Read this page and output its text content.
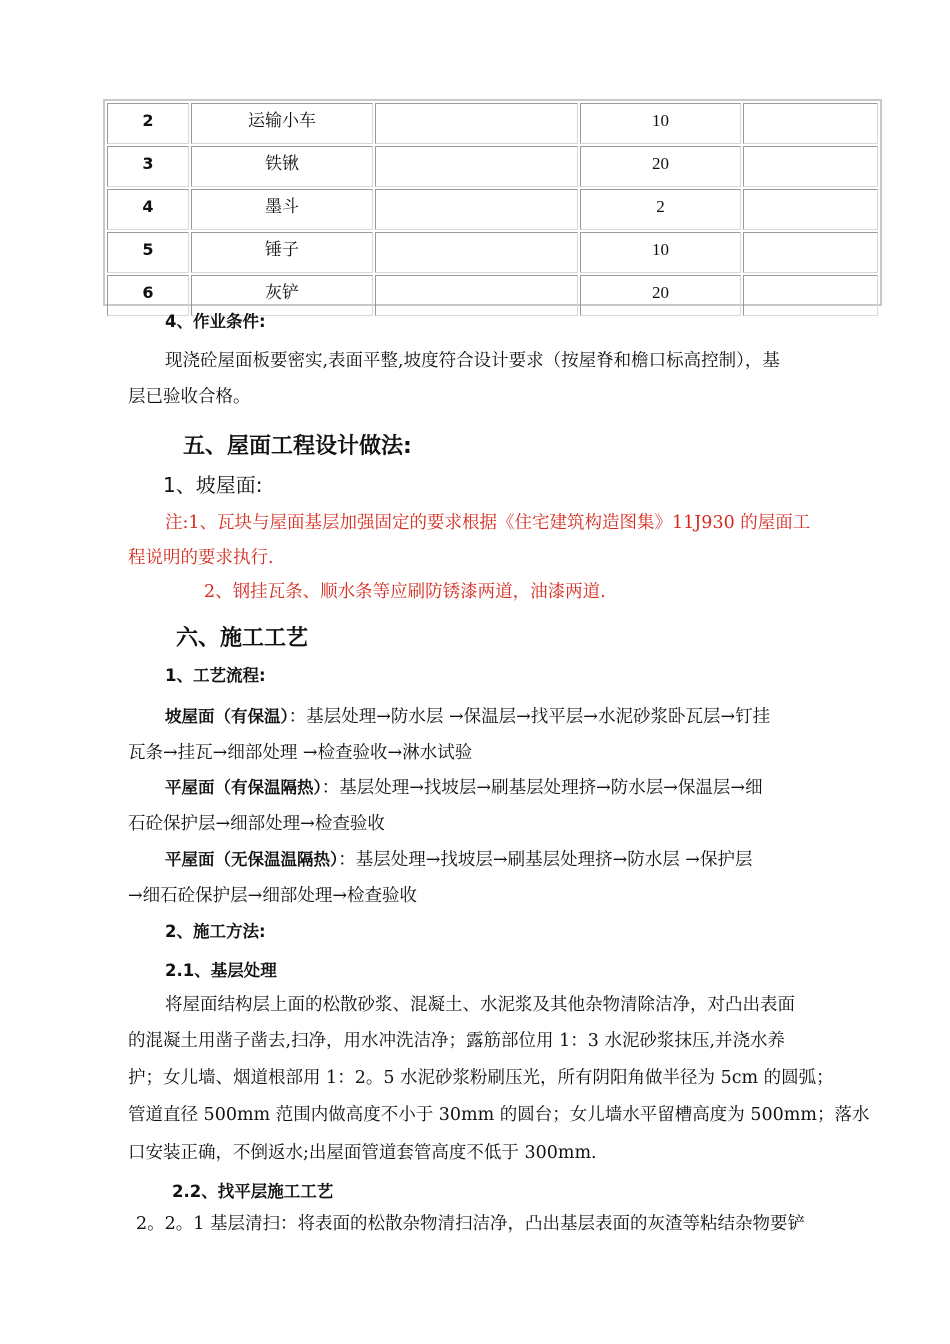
2	运输小车		10	
3	铁锹		20	
4	墨斗		2	
5	锤子		10	
6	灰铲		20	
4、作业条件:
现浇砼屋面板要密实,表面平整,坡度符合设计要求（按屋脊和檐口标高控制），基
层已验收合格。
五、屋面工程设计做法:
1、坡屋面:
注:1、瓦块与屋面基层加强固定的要求根据《住宅建筑构造图集》11J930 的屋面工
程说明的要求执行.
2、钢挂瓦条、顺水条等应刷防锈漆两道，油漆两道.
六、施工工艺
1、工艺流程:
坡屋面（有保温）：基层处理→防水层 →保温层→找平层→水泥砂浆卧瓦层→钉挂
瓦条→挂瓦→细部处理 →检查验收→淋水试验
平屋面（有保温隔热）：基层处理→找坡层→刷基层处理挤→防水层→保温层→细
石砼保护层→细部处理→检查验收
平屋面（无保温温隔热）：基层处理→找坡层→刷基层处理挤→防水层 →保护层
→细石砼保护层→细部处理→检查验收
2、施工方法:
2.1、基层处理
将屋面结构层上面的松散砂浆、混凝土、水泥浆及其他杂物清除洁净，对凸出表面
的混凝土用凿子凿去,扫净，用水冲洗洁净；露筋部位用 1：3 水泥砂浆抹压,并浇水养
护；女儿墙、烟道根部用 1：2。5 水泥砂浆粉刷压光，所有阴阳角做半径为 5cm 的圆弧；
管道直径 500mm 范围内做高度不小于 30mm 的圆台；女儿墙水平留槽高度为 500mm；落水
口安装正确，不倒返水;出屋面管道套管高度不低于 300mm.
2.2、找平层施工工艺
2。2。1 基层清扫：将表面的松散杂物清扫洁净，凸出基层表面的灰渣等粘结杂物要铲
